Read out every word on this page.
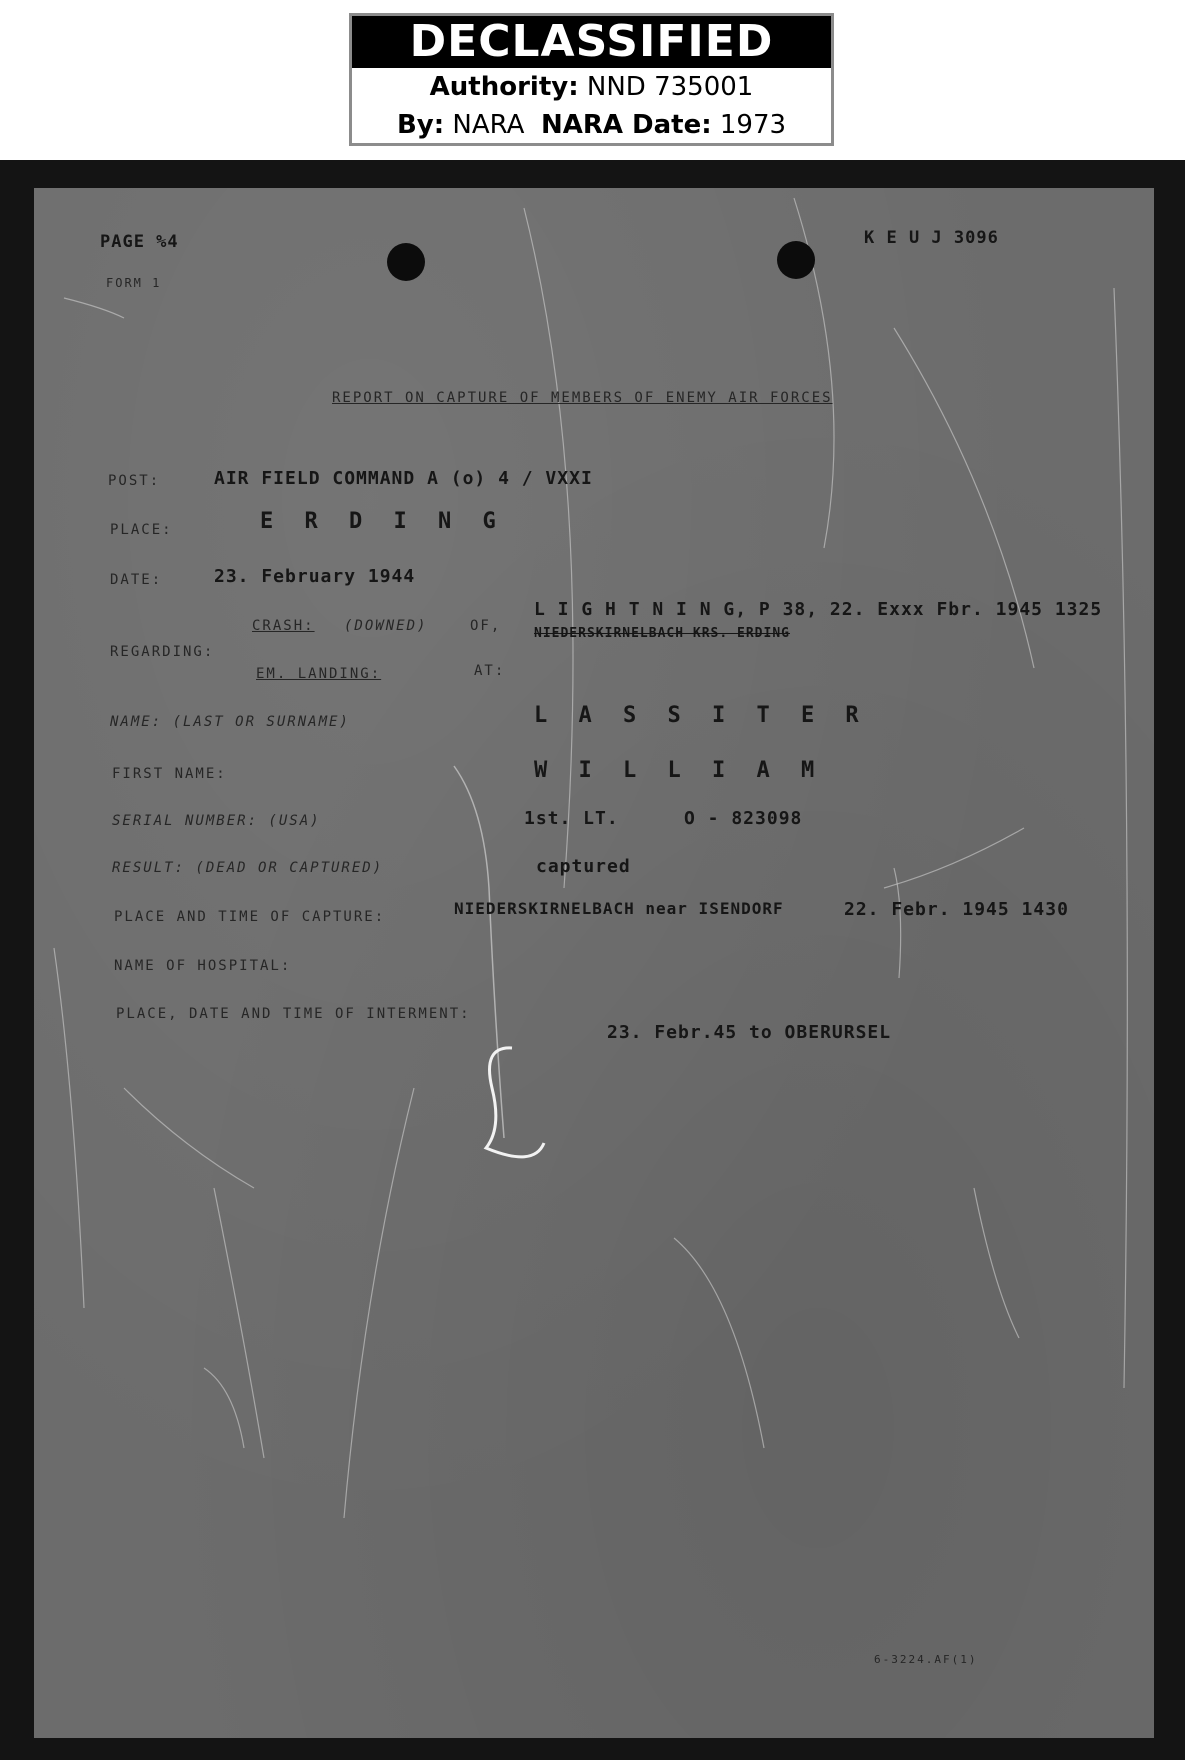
DECLASSIFIED
Authority: NND 735001
By: NARA NARA Date: 1973
PAGE %4
FORM 1
K E U J 3096
REPORT ON CAPTURE OF MEMBERS OF ENEMY AIR FORCES
POST:	AIR FIELD COMMAND A (o) 4 / VXXI
PLACE:	E R D I N G
DATE:	23. February 1944
REGARDING:
CRASH: (DOWNED)	OF,
EM. LANDING:	AT:
L I G H T N I N G, P 38, 22. Exxx Fbr. 1945 1325
NIEDERSKIRNELBACH KRS. ERDING
NAME: (LAST OR SURNAME)	L A S S I T E R
FIRST NAME:	W I L L I A M
SERIAL NUMBER: (USA)	1st. LT.	O - 823098
RESULT: (DEAD OR CAPTURED)	captured
PLACE AND TIME OF CAPTURE:	NIEDERSKIRNELBACH near ISENDORF	22. Febr. 1945 1430
NAME OF HOSPITAL:
PLACE, DATE AND TIME OF INTERMENT:
23. Febr.45 to OBERURSEL
6-3224.AF(1)
